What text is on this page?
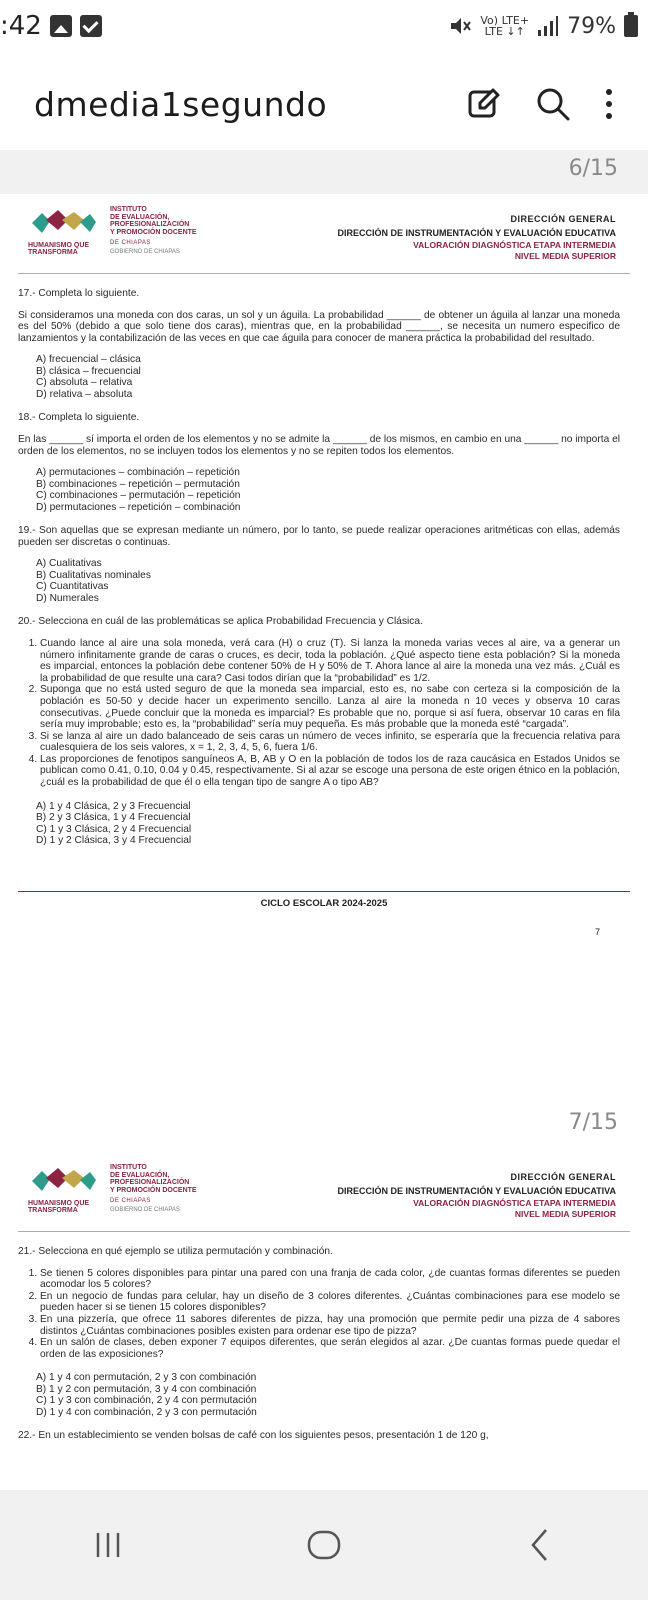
:42	Vo) LTE+
LTE ↓↑ 79%
dmedia1segundo
6/15
HUMANISMO QUE
TRANSFORMA
INSTITUTO
DE EVALUACIÓN,
PROFESIONALIZACIÓN
Y PROMOCIÓN DOCENTE
DE CHIAPAS
GOBIERNO DE CHIAPAS
DIRECCIÓN GENERAL
DIRECCIÓN DE INSTRUMENTACIÓN Y EVALUACIÓN EDUCATIVA
VALORACIÓN DIAGNÓSTICA ETAPA INTERMEDIA
NIVEL MEDIA SUPERIOR
17.- Completa lo siguiente.
Si consideramos una moneda con dos caras, un sol y un águila. La probabilidad ______ de obtener un águila al lanzar una moneda es del 50% (debido a que solo tiene dos caras), mientras que, en la probabilidad ______, se necesita un numero especifico de lanzamientos y la contabilización de las veces en que cae águila para conocer de manera práctica la probabilidad del resultado.
A) frecuencial – clásica
B) clásica – frecuencial
C) absoluta – relativa
D) relativa – absoluta
18.- Completa lo siguiente.
En las ______ sí importa el orden de los elementos y no se admite la ______ de los mismos, en cambio en una ______ no importa el orden de los elementos, no se incluyen todos los elementos y no se repiten todos los elementos.
A) permutaciones – combinación – repetición
B) combinaciones – repetición – permutación
C) combinaciones – permutación – repetición
D) permutaciones – repetición – combinación
19.- Son aquellas que se expresan mediante un número, por lo tanto, se puede realizar operaciones aritméticas con ellas, además pueden ser discretas o continuas.
A) Cualitativas
B) Cualitativas nominales
C) Cuantitativas
D) Numerales
20.- Selecciona en cuál de las problemáticas se aplica Probabilidad Frecuencia y Clásica.
1. Cuando lance al aire una sola moneda, verá cara (H) o cruz (T). Si lanza la moneda varias veces al aire, va a generar un número infinitamente grande de caras o cruces, es decir, toda la población. ¿Qué aspecto tiene esta población? Si la moneda es imparcial, entonces la población debe contener 50% de H y 50% de T. Ahora lance al aire la moneda una vez más. ¿Cuál es la probabilidad de que resulte una cara? Casi todos dirían que la “probabilidad” es 1/2.
2. Suponga que no está usted seguro de que la moneda sea imparcial, esto es, no sabe con certeza si la composición de la población es 50-50 y decide hacer un experimento sencillo. Lanza al aire la moneda n 10 veces y observa 10 caras consecutivas. ¿Puede concluir que la moneda es imparcial? Es probable que no, porque si así fuera, observar 10 caras en fila sería muy improbable; esto es, la “probabilidad” sería muy pequeña. Es más probable que la moneda esté “cargada”.
3. Si se lanza al aire un dado balanceado de seis caras un número de veces infinito, se esperaría que la frecuencia relativa para cualesquiera de los seis valores, x = 1, 2, 3, 4, 5, 6, fuera 1/6.
4. Las proporciones de fenotipos sanguíneos A, B, AB y O en la población de todos los de raza caucásica en Estados Unidos se publican como 0.41, 0.10, 0.04 y 0.45, respectivamente. Si al azar se escoge una persona de este origen étnico en la población, ¿cuál es la probabilidad de que él o ella tengan tipo de sangre A o tipo AB?
A) 1 y 4 Clásica, 2 y 3 Frecuencial
B) 2 y 3 Clásica, 1 y 4 Frecuencial
C) 1 y 3 Clásica, 2 y 4 Frecuencial
D) 1 y 2 Clásica, 3 y 4 Frecuencial
CICLO ESCOLAR 2024-2025
7
7/15
HUMANISMO QUE
TRANSFORMA
INSTITUTO
DE EVALUACIÓN,
PROFESIONALIZACIÓN
Y PROMOCIÓN DOCENTE
DE CHIAPAS
GOBIERNO DE CHIAPAS
DIRECCIÓN GENERAL
DIRECCIÓN DE INSTRUMENTACIÓN Y EVALUACIÓN EDUCATIVA
VALORACIÓN DIAGNÓSTICA ETAPA INTERMEDIA
NIVEL MEDIA SUPERIOR
21.- Selecciona en qué ejemplo se utiliza permutación y combinación.
1. Se tienen 5 colores disponibles para pintar una pared con una franja de cada color, ¿de cuantas formas diferentes se pueden acomodar los 5 colores?
2. En un negocio de fundas para celular, hay un diseño de 3 colores diferentes. ¿Cuántas combinaciones para ese modelo se pueden hacer si se tienen 15 colores disponibles?
3. En una pizzería, que ofrece 11 sabores diferentes de pizza, hay una promoción que permite pedir una pizza de 4 sabores distintos ¿Cuántas combinaciones posibles existen para ordenar ese tipo de pizza?
4. En un salón de clases, deben exponer 7 equipos diferentes, que serán elegidos al azar. ¿De cuantas formas puede quedar el orden de las exposiciones?
A) 1 y 4 con permutación, 2 y 3 con combinación
B) 1 y 2 con permutación, 3 y 4 con combinación
C) 1 y 3 con combinación, 2 y 4 con permutación
D) 1 y 4 con combinación, 2 y 3 con permutación
22.- En un establecimiento se venden bolsas de café con los siguientes pesos, presentación 1 de 120 g,
